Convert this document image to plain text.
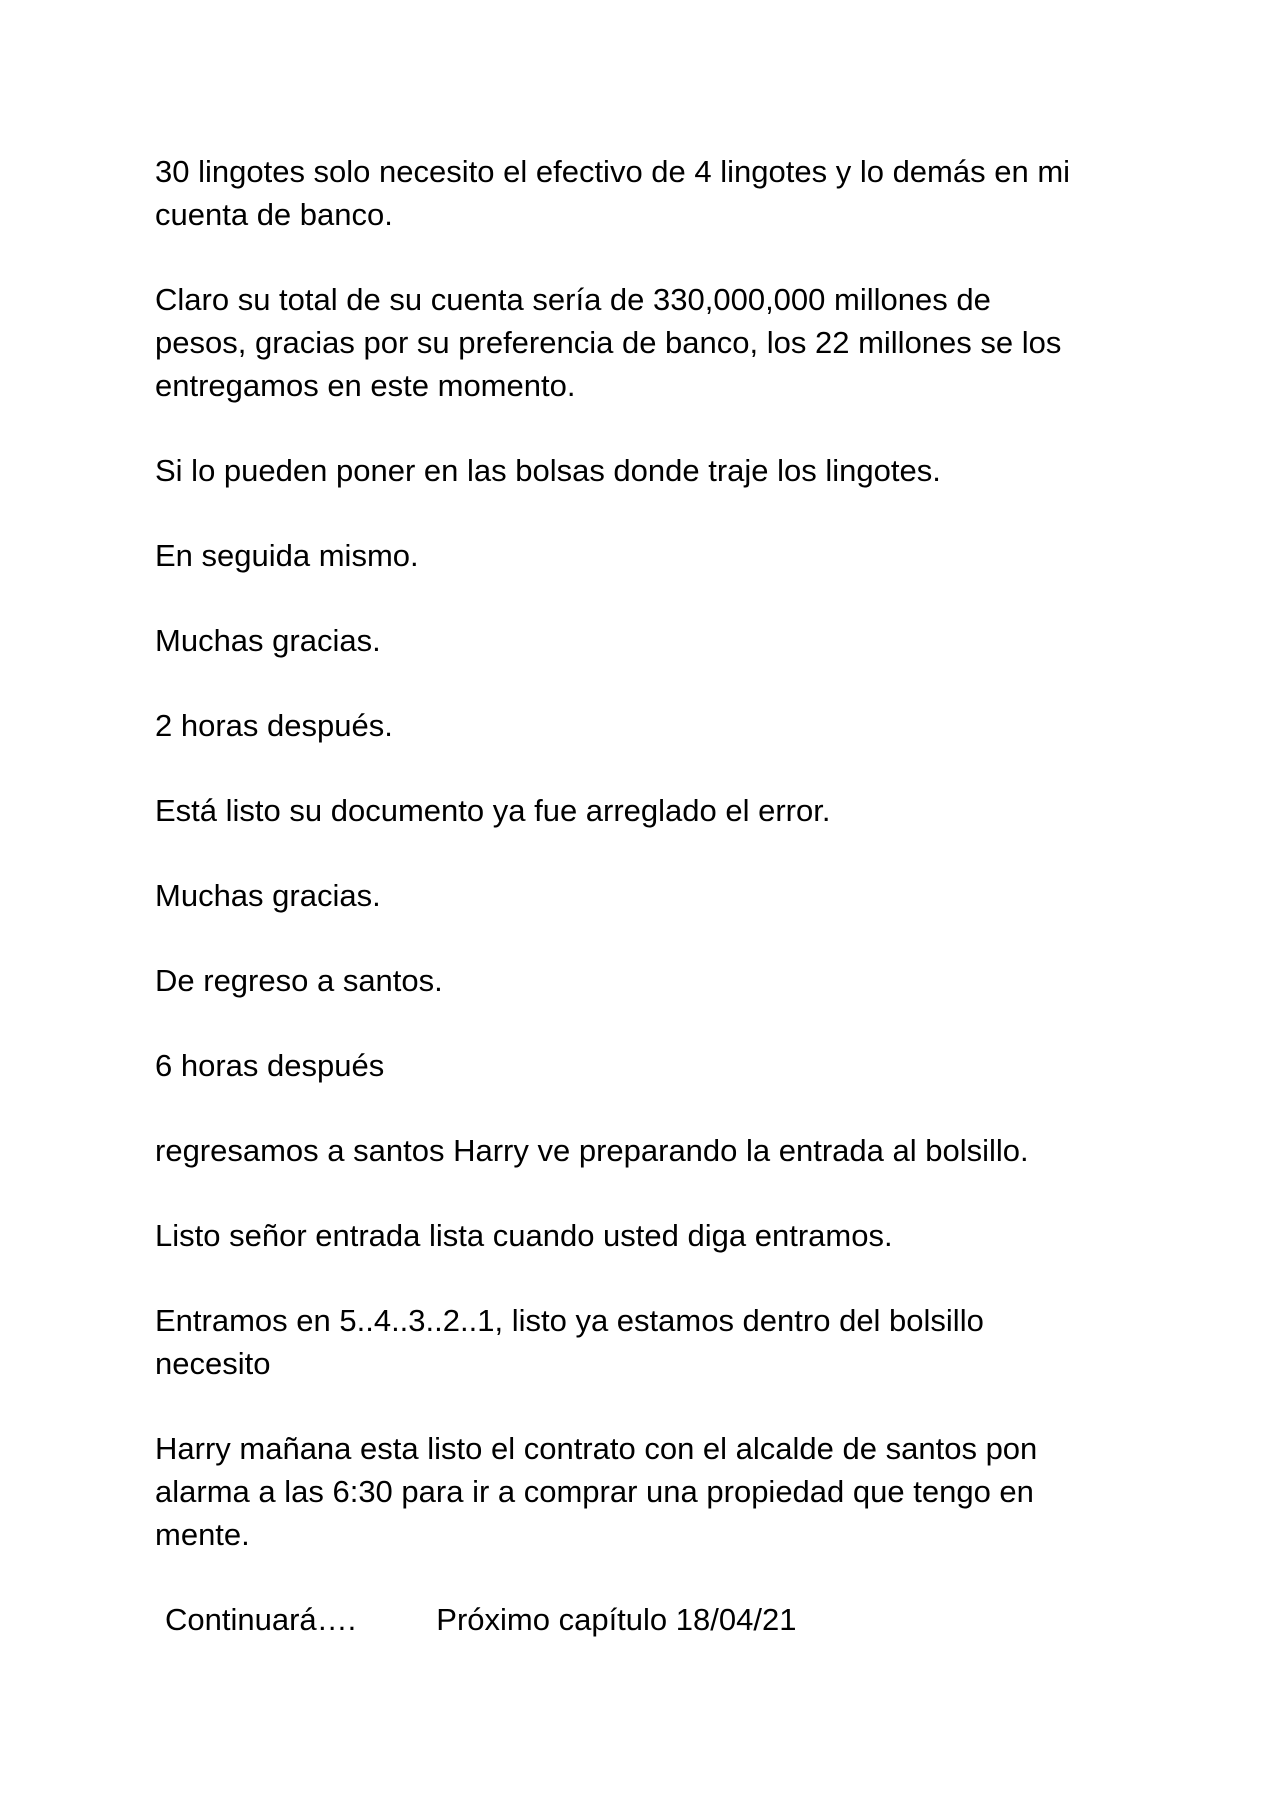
30 lingotes solo necesito el efectivo de 4 lingotes y lo demás en mi
cuenta de banco.

Claro su total de su cuenta sería de 330,000,000 millones de
pesos, gracias por su preferencia de banco, los 22 millones se los
entregamos en este momento.

Si lo pueden poner en las bolsas donde traje los lingotes.

En seguida mismo.

Muchas gracias.

2 horas después.

Está listo su documento ya fue arreglado el error.

Muchas gracias.

De regreso a santos.

6 horas después

regresamos a santos Harry ve preparando la entrada al bolsillo.

Listo señor entrada lista cuando usted diga entramos.

Entramos en 5..4..3..2..1, listo ya estamos dentro del bolsillo
necesito

Harry mañana esta listo el contrato con el alcalde de santos pon
alarma a las 6:30 para ir a comprar una propiedad que tengo en
mente.

Continuará….	Próximo capítulo 18/04/21
